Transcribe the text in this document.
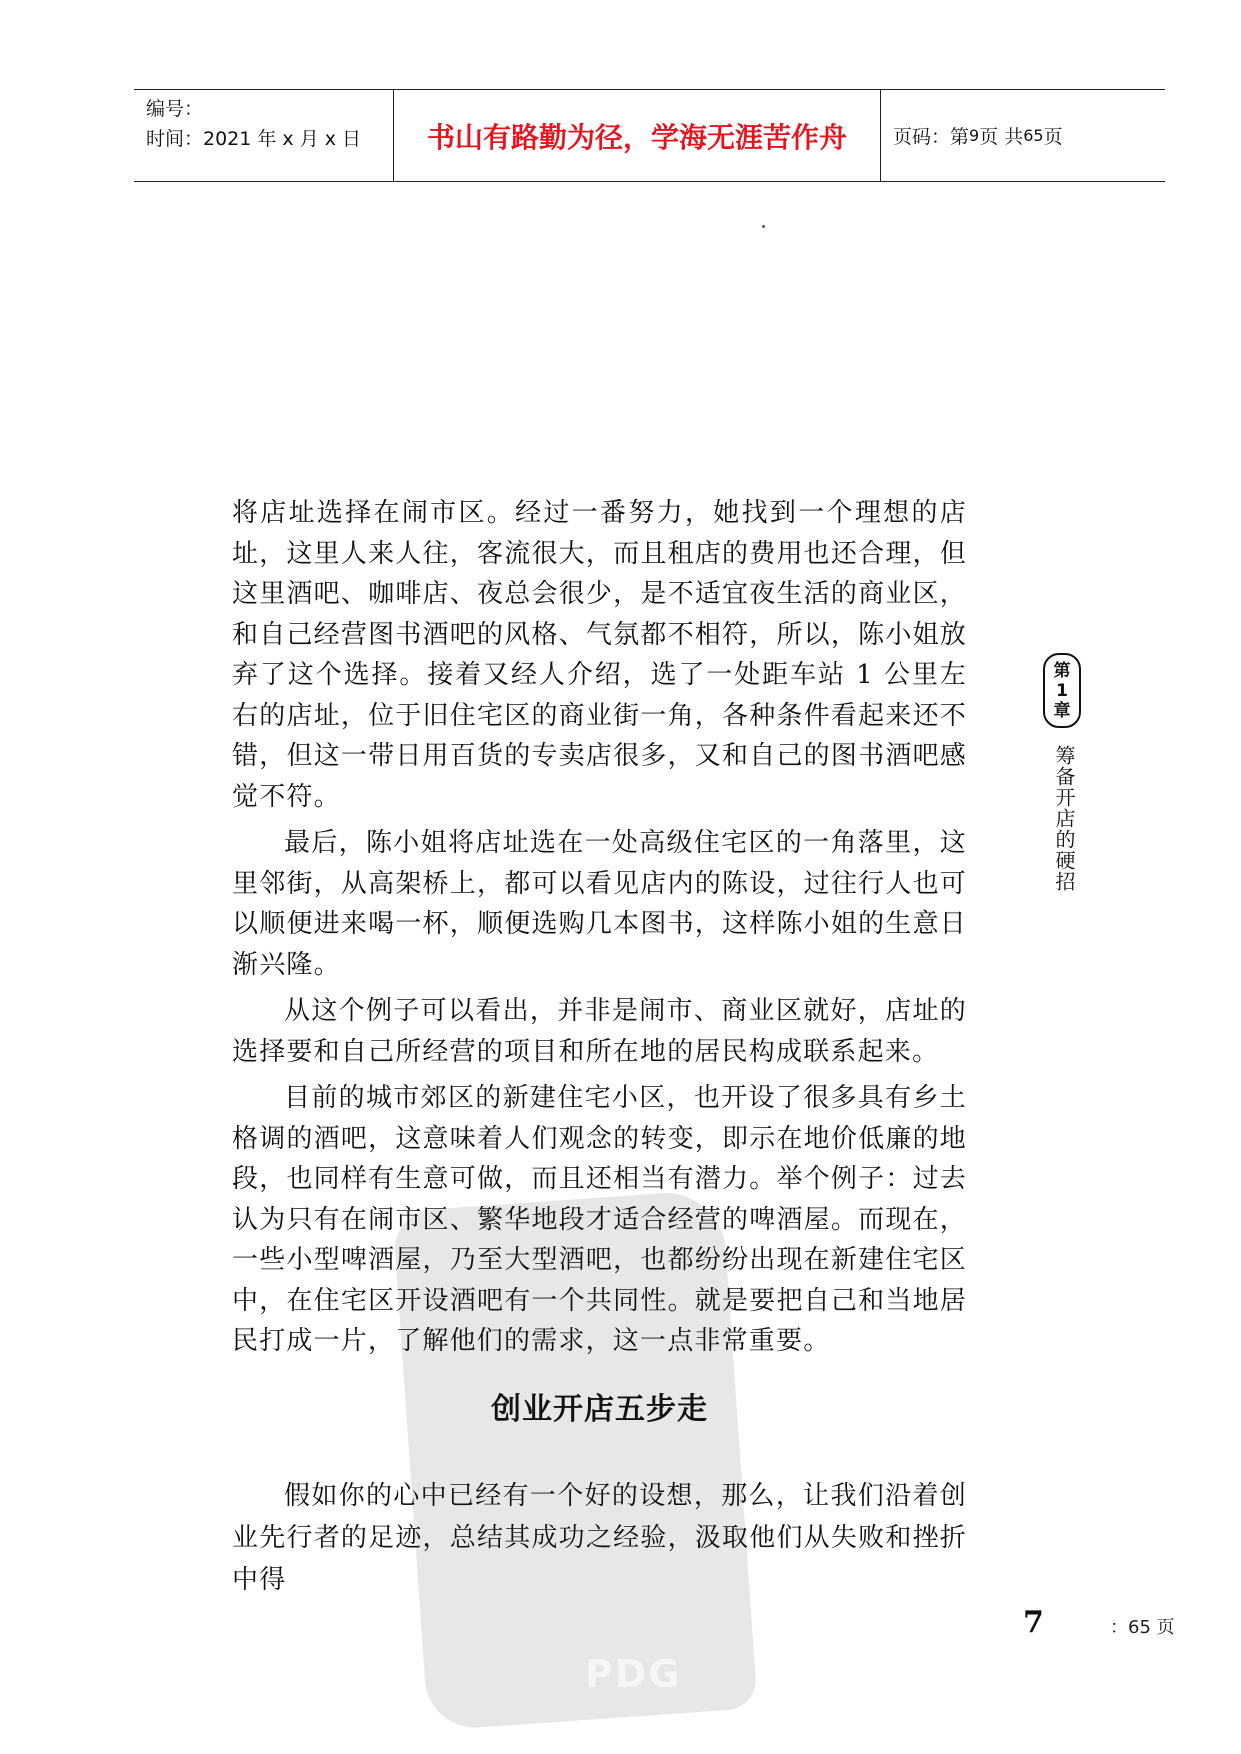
编号：
时间：2021 年 x 月 x 日	书山有路勤为径，学海无涯苦作舟	页码：第 9 页 共 65 页
PDG

将店址选择在闹市区。经过一番努力，她找到一个理想的店址，这里人来人往，客流很大，而且租店的费用也还合理，但这里酒吧、咖啡店、夜总会很少，是不适宜夜生活的商业区，和自己经营图书酒吧的风格、气氛都不相符，所以，陈小姐放弃了这个选择。接着又经人介绍，选了一处距车站 1 公里左右的店址，位于旧住宅区的商业街一角，各种条件看起来还不错，但这一带日用百货的专卖店很多，又和自己的图书酒吧感觉不符。

最后，陈小姐将店址选在一处高级住宅区的一角落里，这里邻街，从高架桥上，都可以看见店内的陈设，过往行人也可以顺便进来喝一杯，顺便选购几本图书，这样陈小姐的生意日渐兴隆。

从这个例子可以看出，并非是闹市、商业区就好，店址的选择要和自己所经营的项目和所在地的居民构成联系起来。

目前的城市郊区的新建住宅小区，也开设了很多具有乡土格调的酒吧，这意味着人们观念的转变，即示在地价低廉的地段，也同样有生意可做，而且还相当有潜力。举个例子：过去认为只有在闹市区、繁华地段才适合经营的啤酒屋。而现在，一些小型啤酒屋，乃至大型酒吧，也都纷纷出现在新建住宅区中，在住宅区开设酒吧有一个共同性。就是要把自己和当地居民打成一片，了解他们的需求，这一点非常重要。

创业开店五步走

假如你的心中已经有一个好的设想，那么，让我们沿着创业先行者的足迹，总结其成功之经验，汲取他们从失败和挫折中得

第
1
章
筹备开店的硬招
7	：65 页
